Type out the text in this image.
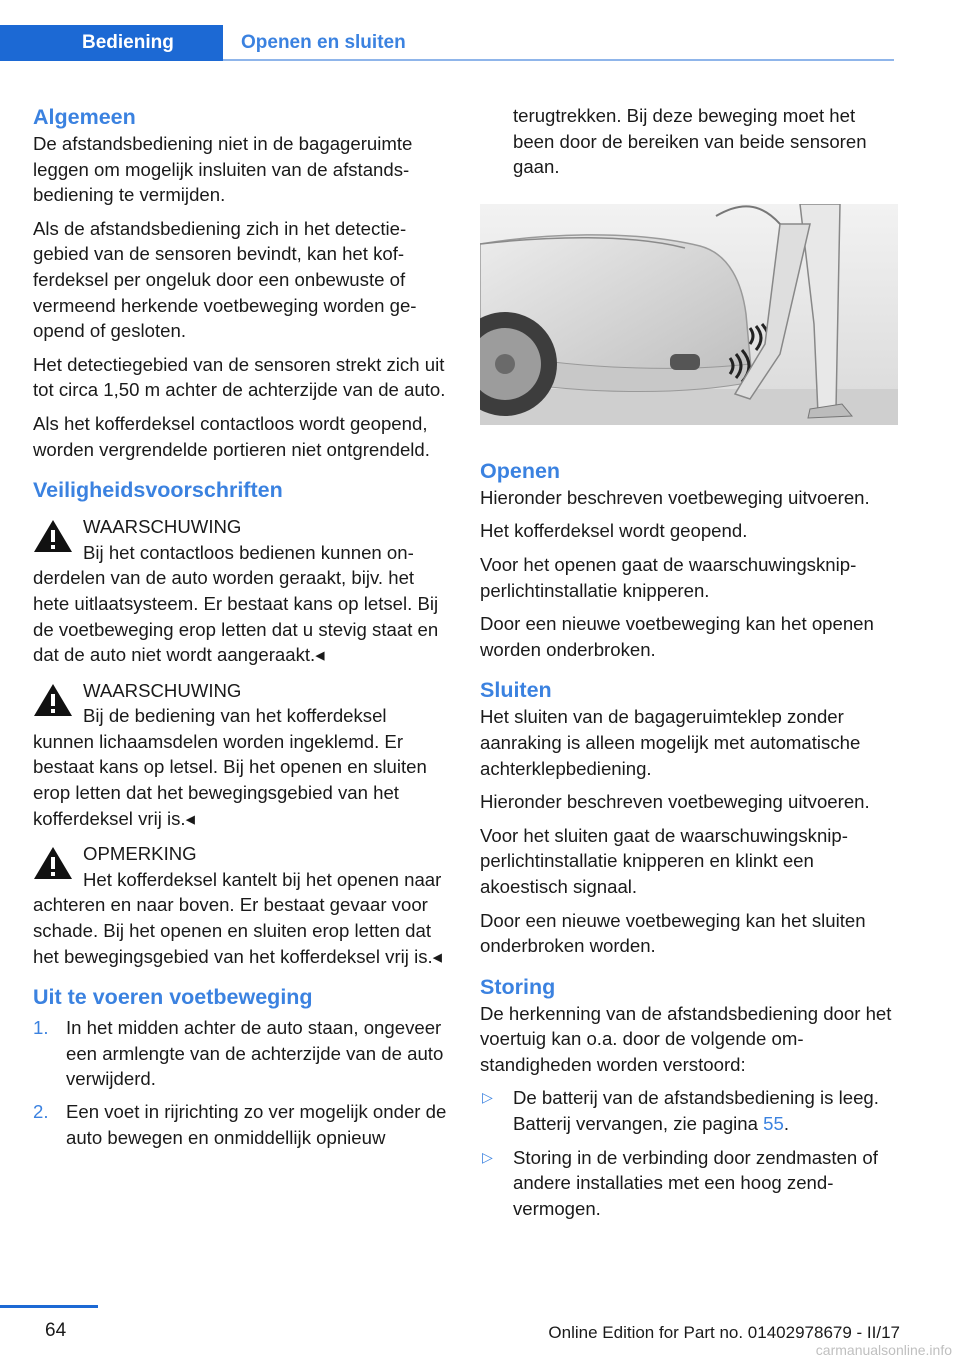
Bediening	Openen en sluiten
Algemeen

De afstandsbediening niet in de bagageruimte leggen om mogelijk insluiten van de afstandsbediening te vermijden.

Als de afstandsbediening zich in het detectiegebied van de sensoren bevindt, kan het kofferdeksel per ongeluk door een onbewuste of vermeend herkende voetbeweging worden geopend of gesloten.

Het detectiegebied van de sensoren strekt zich uit tot circa 1,50 m achter de achterzijde van de auto.

Als het kofferdeksel contactloos wordt geopend, worden vergrendelde portieren niet ontgrendeld.

Veiligheidsvoorschriften
WAARSCHUWING

Bij het contactloos bedienen kunnen onderdelen van de auto worden geraakt, bijv. het hete uitlaatsysteem. Er bestaat kans op letsel. Bij de voetbeweging erop letten dat u stevig staat en dat de auto niet wordt aangeraakt.◂

WAARSCHUWING

Bij de bediening van het kofferdeksel kunnen lichaamsdelen worden ingeklemd. Er bestaat kans op letsel. Bij het openen en sluiten erop letten dat het bewegingsgebied van het kofferdeksel vrij is.◂

OPMERKING

Het kofferdeksel kantelt bij het openen naar achteren en naar boven. Er bestaat gevaar voor schade. Bij het openen en sluiten erop letten dat het bewegingsgebied van het kofferdeksel vrij is.◂

Uit te voeren voetbeweging
1. In het midden achter de auto staan, ongeveer een armlengte van de achterzijde van de auto verwijderd.
2. Een voet in rijrichting zo ver mogelijk onder de auto bewegen en onmiddellijk opnieuw

terugtrekken. Bij deze beweging moet het been door de bereiken van beide sensoren gaan.

Openen

Hieronder beschreven voetbeweging uitvoeren.

Het kofferdeksel wordt geopend.

Voor het openen gaat de waarschuwingsknipperlichtinstallatie knipperen.

Door een nieuwe voetbeweging kan het openen worden onderbroken.

Sluiten

Het sluiten van de bagageruimteklep zonder aanraking is alleen mogelijk met automatische achterklepbediening.

Hieronder beschreven voetbeweging uitvoeren.

Voor het sluiten gaat de waarschuwingsknipperlichtinstallatie knipperen en klinkt een akoestisch signaal.

Door een nieuwe voetbeweging kan het sluiten onderbroken worden.

Storing

De herkenning van de afstandsbediening door het voertuig kan o.a. door de volgende omstandigheden worden verstoord:

▷ De batterij van de afstandsbediening is leeg. Batterij vervangen, zie pagina 55.
▷ Storing in de verbinding door zendmasten of andere installaties met een hoog zendvermogen.
64	Online Edition for Part no. 01402978679 - II/17
carmanualsonline.info
